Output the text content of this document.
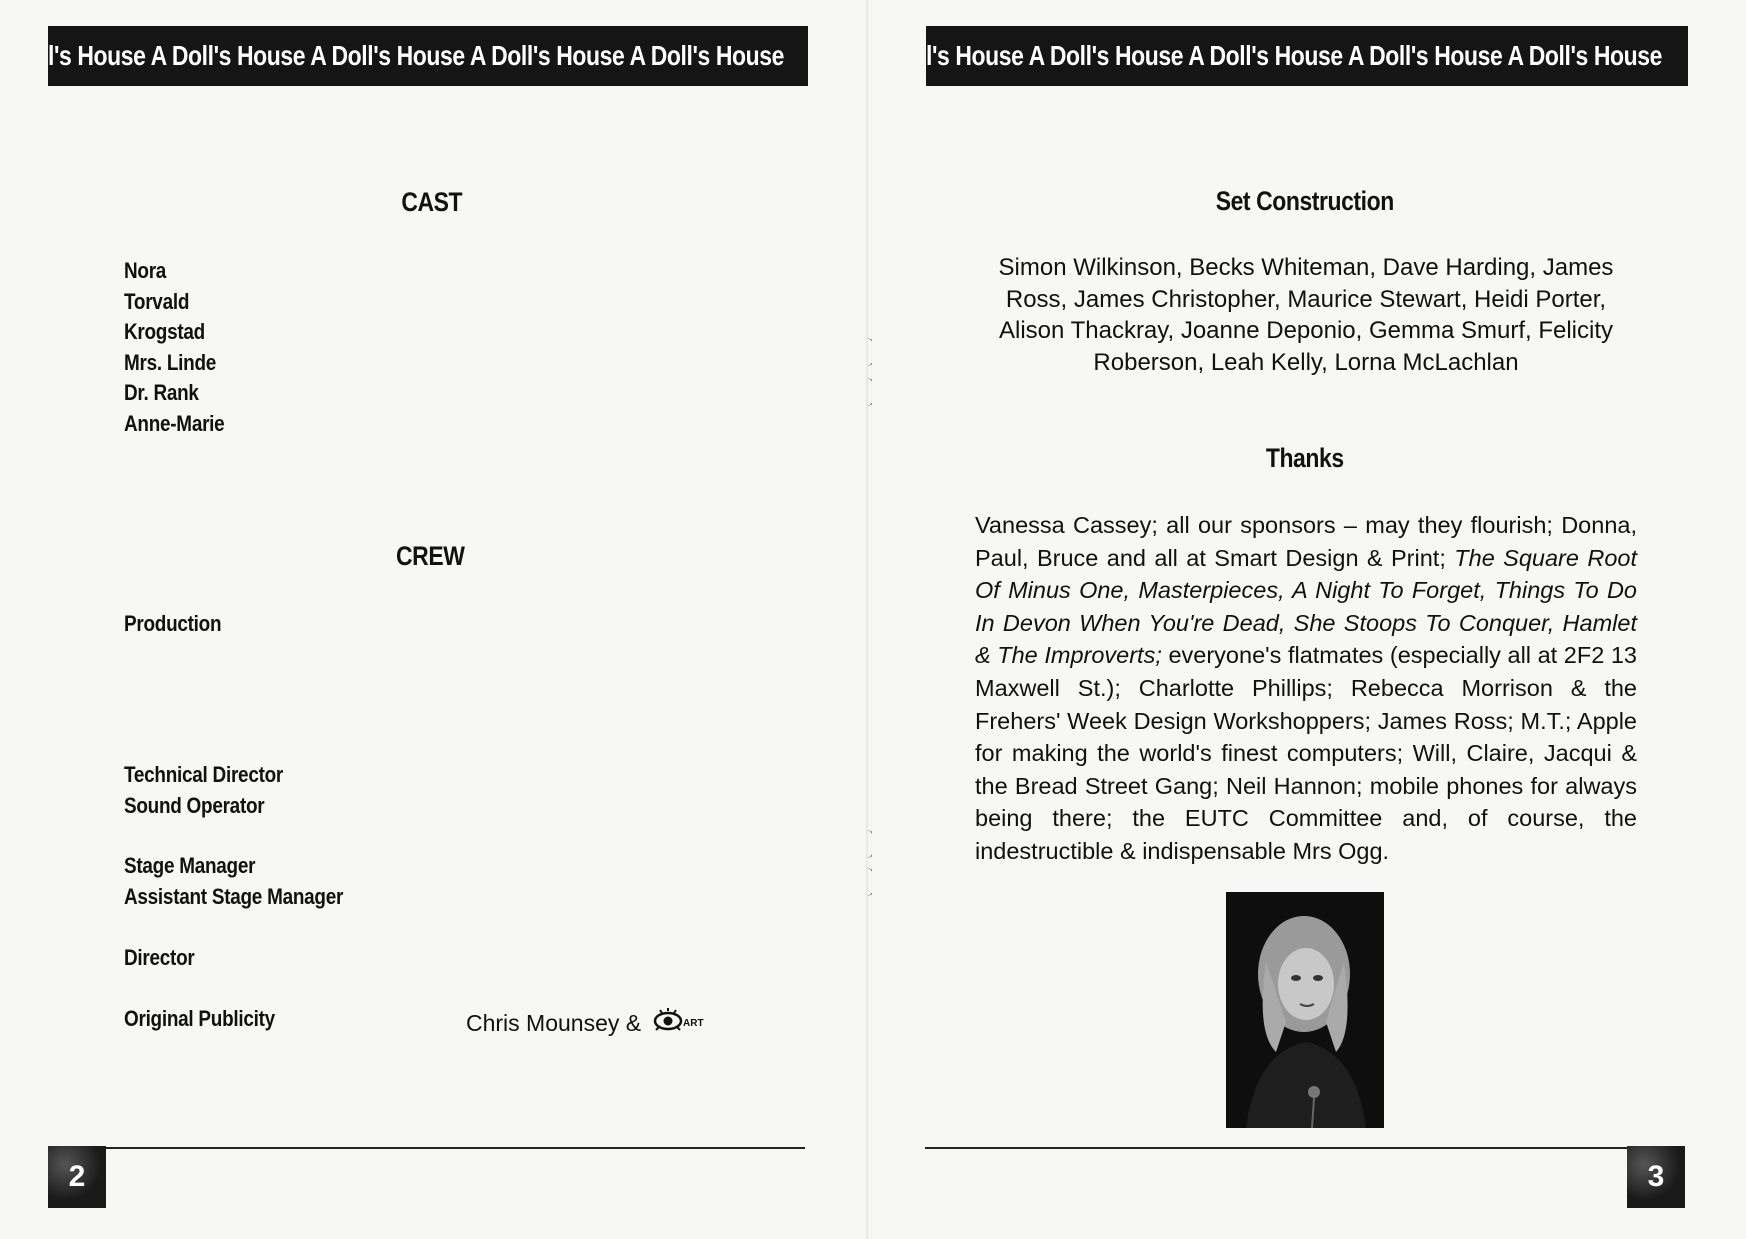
l's House A Doll's House A Doll's House A Doll's House A Doll's House
CAST
Nora
Torvald
Krogstad
Mrs. Linde
Dr. Rank
Anne-Marie
CREW
Production
Technical Director
Sound Operator
Stage Manager
Assistant Stage Manager
Director
Original Publicity	Chris Mounsey &	ART
2
l's House A Doll's House A Doll's House A Doll's House A Doll's House
Set Construction
Simon Wilkinson, Becks Whiteman, Dave Harding, James Ross, James Christopher, Maurice Stewart, Heidi Porter, Alison Thackray, Joanne Deponio, Gemma Smurf, Felicity Roberson, Leah Kelly, Lorna McLachlan
Thanks
Vanessa Cassey; all our sponsors – may they flourish; Donna, Paul, Bruce and all at Smart Design & Print; The Square Root Of Minus One, Masterpieces, A Night To Forget, Things To Do In Devon When You're Dead, She Stoops To Conquer, Hamlet & The Improverts; everyone's flatmates (especially all at 2F2 13 Maxwell St.); Charlotte Phillips; Rebecca Morrison & the Frehers' Week Design Workshoppers; James Ross; M.T.; Apple for making the world's finest computers; Will, Claire, Jacqui & the Bread Street Gang; Neil Hannon; mobile phones for always being there; the EUTC Committee and, of course, the indestructible & indispensable Mrs Ogg.
3
